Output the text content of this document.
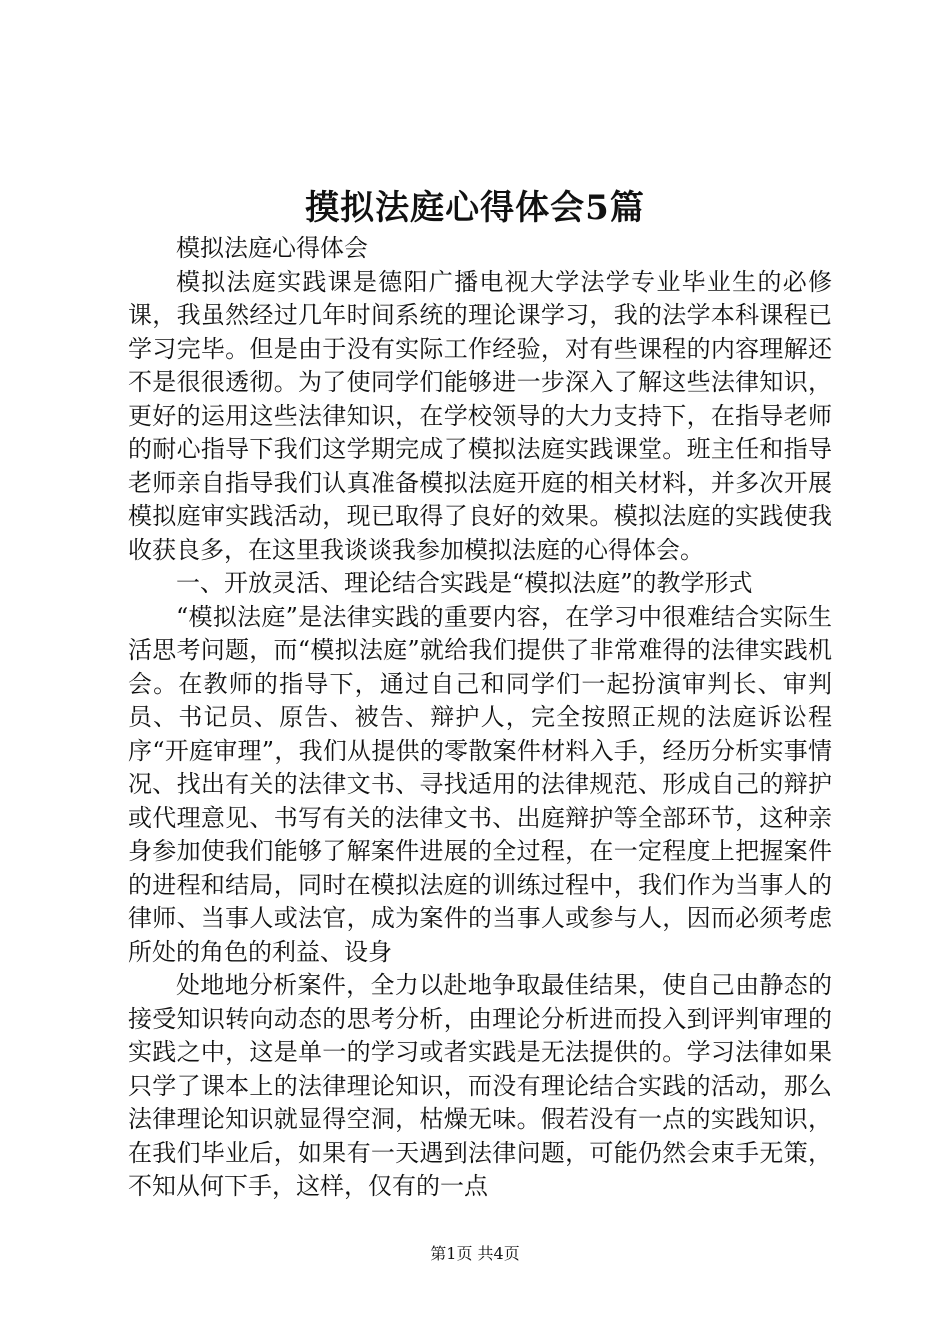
摸拟法庭心得体会5篇

模拟法庭心得体会

模拟法庭实践课是德阳广播电视大学法学专业毕业生的必修课，我虽然经过几年时间系统的理论课学习，我的法学本科课程已学习完毕。但是由于没有实际工作经验，对有些课程的内容理解还不是很很透彻。为了使同学们能够进一步深入了解这些法律知识，更好的运用这些法律知识，在学校领导的大力支持下，在指导老师的耐心指导下我们这学期完成了模拟法庭实践课堂。班主任和指导老师亲自指导我们认真准备模拟法庭开庭的相关材料，并多次开展模拟庭审实践活动，现已取得了良好的效果。模拟法庭的实践使我收获良多，在这里我谈谈我参加模拟法庭的心得体会。

一、开放灵活、理论结合实践是“模拟法庭”的教学形式

“模拟法庭”是法律实践的重要内容，在学习中很难结合实际生活思考问题，而“模拟法庭”就给我们提供了非常难得的法律实践机会。在教师的指导下，通过自己和同学们一起扮演审判长、审判员、书记员、原告、被告、辩护人，完全按照正规的法庭诉讼程序“开庭审理”，我们从提供的零散案件材料入手，经历分析实事情况、找出有关的法律文书、寻找适用的法律规范、形成自己的辩护或代理意见、书写有关的法律文书、出庭辩护等全部环节，这种亲身参加使我们能够了解案件进展的全过程，在一定程度上把握案件的进程和结局，同时在模拟法庭的训练过程中，我们作为当事人的律师、当事人或法官，成为案件的当事人或参与人，因而必须考虑所处的角色的利益、设身

处地地分析案件，全力以赴地争取最佳结果，使自己由静态的接受知识转向动态的思考分析，由理论分析进而投入到评判审理的实践之中，这是单一的学习或者实践是无法提供的。学习法律如果只学了课本上的法律理论知识，而没有理论结合实践的活动，那么法律理论知识就显得空洞，枯燥无味。假若没有一点的实践知识，在我们毕业后，如果有一天遇到法律问题，可能仍然会束手无策，不知从何下手，这样，仅有的一点

第1页 共4页
